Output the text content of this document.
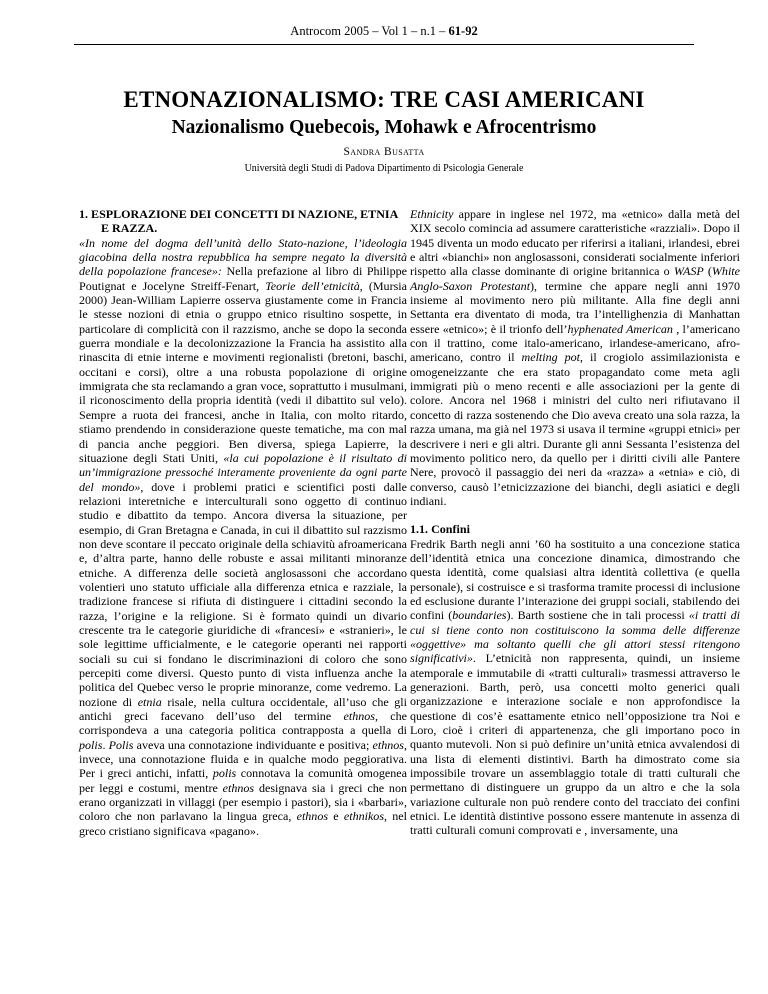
Antrocom 2005 – Vol 1 – n.1 – 61-92
ETNONAZIONALISMO: TRE CASI AMERICANI
Nazionalismo Quebecois, Mohawk e Afrocentrismo
Sandra Busatta
Università degli Studi di Padova Dipartimento di Psicologia Generale
1. ESPLORAZIONE DEI CONCETTI DI NAZIONE, ETNIA E RAZZA.

«In nome del dogma dell’unità dello Stato-nazione, l’ideologia giacobina della nostra repubblica ha sempre negato la diversità della popolazione francese»: Nella prefazione al libro di Philippe Poutignat e Jocelyne Streiff-Fenart, Teorie dell’etnicità, (Mursia 2000) Jean-William Lapierre osserva giustamente come in Francia le stesse nozioni di etnia o gruppo etnico risultino sospette, in particolare di complicità con il razzismo, anche se dopo la seconda guerra mondiale e la decolonizzazione la Francia ha assistito alla rinascita di etnie interne e movimenti regionalisti (bretoni, baschi, occitani e corsi), oltre a una robusta popolazione di origine immigrata che sta reclamando a gran voce, soprattutto i musulmani, il riconoscimento della propria identità (vedi il dibattito sul velo). Sempre a ruota dei francesi, anche in Italia, con molto ritardo, stiamo prendendo in considerazione queste tematiche, ma con mal di pancia anche peggiori. Ben diversa, spiega Lapierre, la situazione degli Stati Uniti, «la cui popolazione è il risultato di un’immigrazione pressoché interamente proveniente da ogni parte del mondo», dove i problemi pratici e scientifici posti dalle relazioni interetniche e interculturali sono oggetto di continuo studio e dibattito da tempo. Ancora diversa la situazione, per esempio, di Gran Bretagna e Canada, in cui il dibattito sul razzismo non deve scontare il peccato originale della schiavitù afroamericana e, d’altra parte, hanno delle robuste e assai militanti minoranze etniche. A differenza delle società anglosassoni che accordano volentieri uno statuto ufficiale alla differenza etnica e razziale, la tradizione francese si rifiuta di distinguere i cittadini secondo la razza, l’origine e la religione. Si è formato quindi un divario crescente tra le categorie giuridiche di «francesi» e «stranieri», le sole legittime ufficialmente, e le categorie operanti nei rapporti sociali su cui si fondano le discriminazioni di coloro che sono percepiti come diversi. Questo punto di vista influenza anche la politica del Quebec verso le proprie minoranze, come vedremo. La nozione di etnia risale, nella cultura occidentale, all’uso che gli antichi greci facevano dell’uso del termine ethnos, che corrispondeva a una categoria politica contrapposta a quella di polis. Polis aveva una connotazione individuante e positiva; ethnos, invece, una connotazione fluida e in qualche modo peggiorativa. Per i greci antichi, infatti, polis connotava la comunità omogenea per leggi e costumi, mentre ethnos designava sia i greci che non erano organizzati in villaggi (per esempio i pastori), sia i «barbari», coloro che non parlavano la lingua greca, ethnos e ethnikos, nel greco cristiano significava «pagano».

Ethnicity appare in inglese nel 1972, ma «etnico» dalla metà del XIX secolo comincia ad assumere caratteristiche «razziali». Dopo il 1945 diventa un modo educato per riferirsi a italiani, irlandesi, ebrei e altri «bianchi» non anglosassoni, considerati socialmente inferiori rispetto alla classe dominante di origine britannica o WASP (White Anglo-Saxon Protestant), termine che appare negli anni 1970 insieme al movimento nero più militante. Alla fine degli anni Settanta era diventato di moda, tra l’intellighenzia di Manhattan essere «etnico»; è il trionfo dell’hyphenated American , l’americano con il trattino, come italo-americano, irlandese-americano, afro-americano, contro il melting pot, il crogiolo assimilazionista e omogeneizzante che era stato propagandato come meta agli immigrati più o meno recenti e alle associazioni per la gente di colore. Ancora nel 1968 i ministri del culto neri rifiutavano il concetto di razza sostenendo che Dio aveva creato una sola razza, la razza umana, ma già nel 1973 si usava il termine «gruppi etnici» per descrivere i neri e gli altri. Durante gli anni Sessanta l’esistenza del movimento politico nero, da quello per i diritti civili alle Pantere Nere, provocò il passaggio dei neri da «razza» a «etnia» e ciò, di converso, causò l’etnicizzazione dei bianchi, degli asiatici e degli indiani.

1.1. Confini

Fredrik Barth negli anni ’60 ha sostituito a una concezione statica dell’identità etnica una concezione dinamica, dimostrando che questa identità, come qualsiasi altra identità collettiva (e quella personale), si costruisce e si trasforma tramite processi di inclusione ed esclusione durante l’interazione dei gruppi sociali, stabilendo dei confini (boundaries). Barth sostiene che in tali processi «i tratti di cui si tiene conto non costituiscono la somma delle differenze «oggettive» ma soltanto quelli che gli attori stessi ritengono significativi». L’etnicità non rappresenta, quindi, un insieme atemporale e immutabile di «tratti culturali» trasmessi attraverso le generazioni. Barth, però, usa concetti molto generici quali organizzazione e interazione sociale e non approfondisce la questione di cos’è esattamente etnico nell’opposizione tra Noi e Loro, cioè i criteri di appartenenza, che gli importano poco in quanto mutevoli. Non si può definire un’unità etnica avvalendosi di una lista di elementi distintivi. Barth ha dimostrato come sia impossibile trovare un assemblaggio totale di tratti culturali che permettano di distinguere un gruppo da un altro e che la sola variazione culturale non può rendere conto del tracciato dei confini etnici. Le identità distintive possono essere mantenute in assenza di tratti culturali comuni comprovati e , inversamente, una
